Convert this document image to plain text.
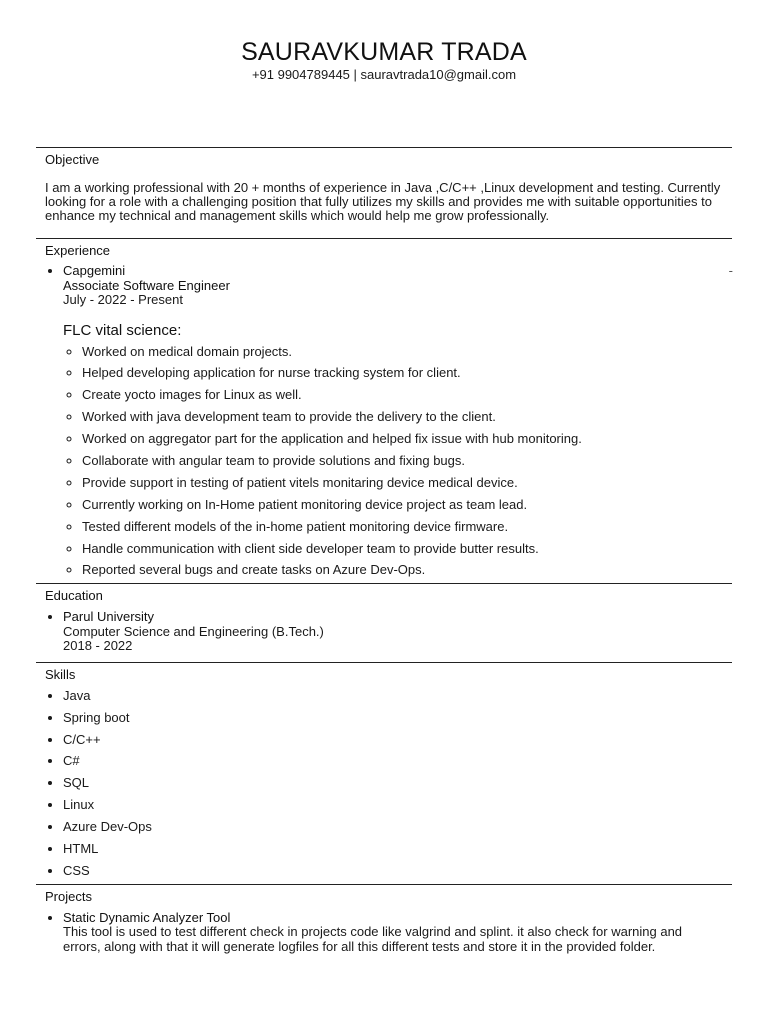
SAURAVKUMAR TRADA
+91 9904789445 | sauravtrada10@gmail.com
Objective
I am a working professional with 20 + months of experience in Java ,C/C++ ,Linux development and testing. Currently looking for a role with a challenging position that fully utilizes my skills and provides me with suitable opportunities to enhance my technical and management skills which would help me grow professionally.
Experience
• Capgemini	-
Associate Software Engineer
July - 2022 - Present
FLC vital science:
◦ Worked on medical domain projects.
◦ Helped developing application for nurse tracking system for client.
◦ Create yocto images for Linux as well.
◦ Worked with java development team to provide the delivery to the client.
◦ Worked on aggregator part for the application and helped fix issue with hub monitoring.
◦ Collaborate with angular team to provide solutions and fixing bugs.
◦ Provide support in testing of patient vitels monitaring device medical device.
◦ Currently working on In-Home patient monitoring device project as team lead.
◦ Tested different models of the in-home patient monitoring device firmware.
◦ Handle communication with client side developer team to provide butter results.
◦ Reported several bugs and create tasks on Azure Dev-Ops.
Education
• Parul University
Computer Science and Engineering (B.Tech.)
2018 - 2022
Skills
• Java
• Spring boot
• C/C++
• C#
• SQL
• Linux
• Azure Dev-Ops
• HTML
• CSS
Projects
• Static Dynamic Analyzer Tool
This tool is used to test different check in projects code like valgrind and splint. it also check for warning and errors, along with that it will generate logfiles for all this different tests and store it in the provided folder.
